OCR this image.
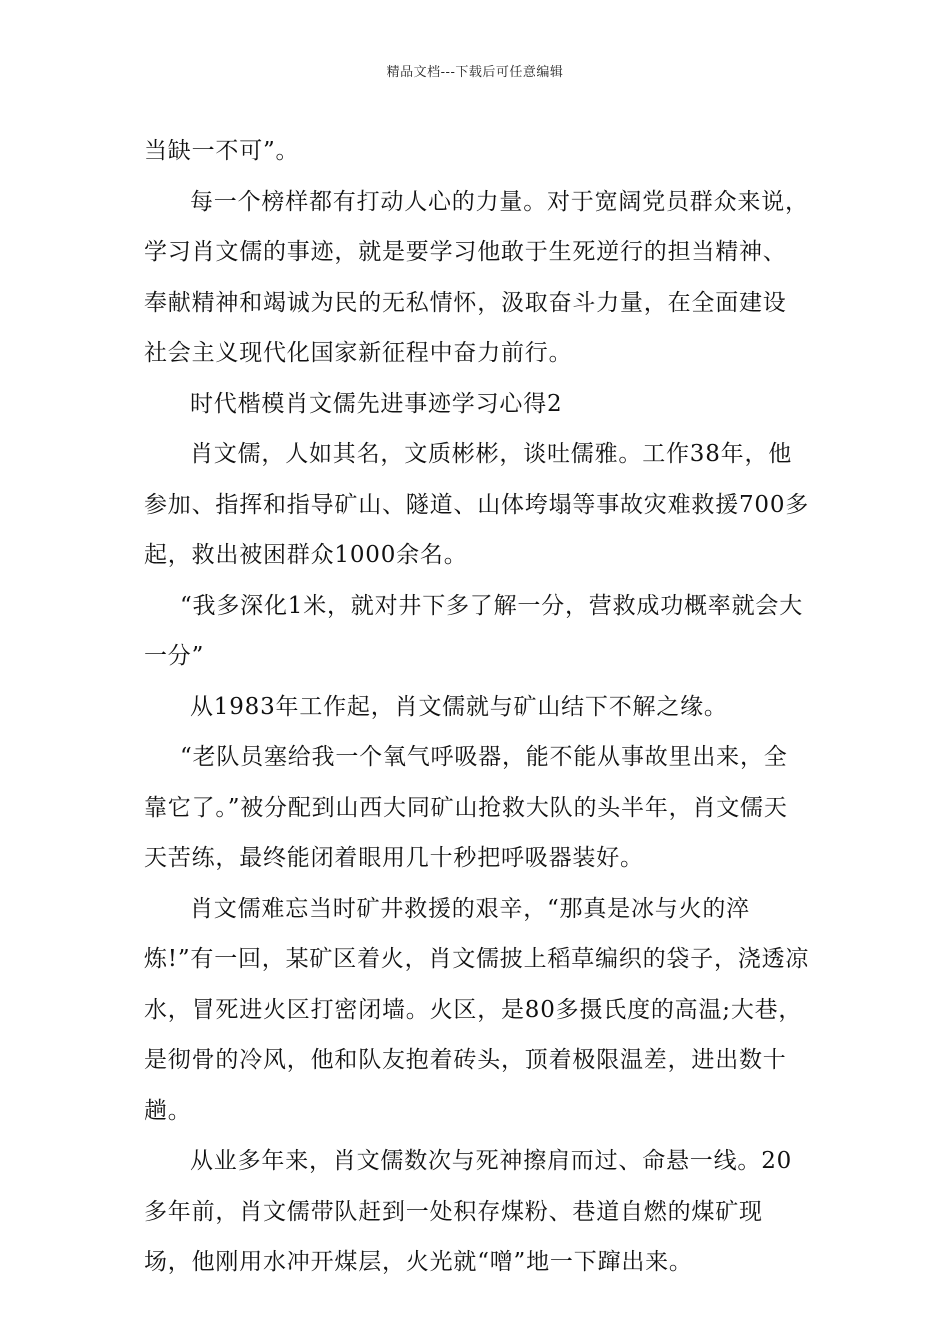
精品文档---下载后可任意编辑

当缺一不可”。

每一个榜样都有打动人心的力量。对于宽阔党员群众来说，学习肖文儒的事迹，就是要学习他敢于生死逆行的担当精神、奉献精神和竭诚为民的无私情怀，汲取奋斗力量，在全面建设社会主义现代化国家新征程中奋力前行。

时代楷模肖文儒先进事迹学习心得2

肖文儒，人如其名，文质彬彬，谈吐儒雅。工作38年，他参加、指挥和指导矿山、隧道、山体垮塌等事故灾难救援700多起，救出被困群众1000余名。

“我多深化1米，就对井下多了解一分，营救成功概率就会大一分”

从1983年工作起，肖文儒就与矿山结下不解之缘。

“老队员塞给我一个氧气呼吸器，能不能从事故里出来，全靠它了。”被分配到山西大同矿山抢救大队的头半年，肖文儒天天苦练，最终能闭着眼用几十秒把呼吸器装好。

肖文儒难忘当时矿井救援的艰辛，“那真是冰与火的淬炼!”有一回，某矿区着火，肖文儒披上稻草编织的袋子，浇透凉水，冒死进火区打密闭墙。火区，是80多摄氏度的高温;大巷，是彻骨的冷风，他和队友抱着砖头，顶着极限温差，进出数十趟。

从业多年来，肖文儒数次与死神擦肩而过、命悬一线。20多年前，肖文儒带队赶到一处积存煤粉、巷道自燃的煤矿现场，他刚用水冲开煤层，火光就“噌”地一下蹿出来。
